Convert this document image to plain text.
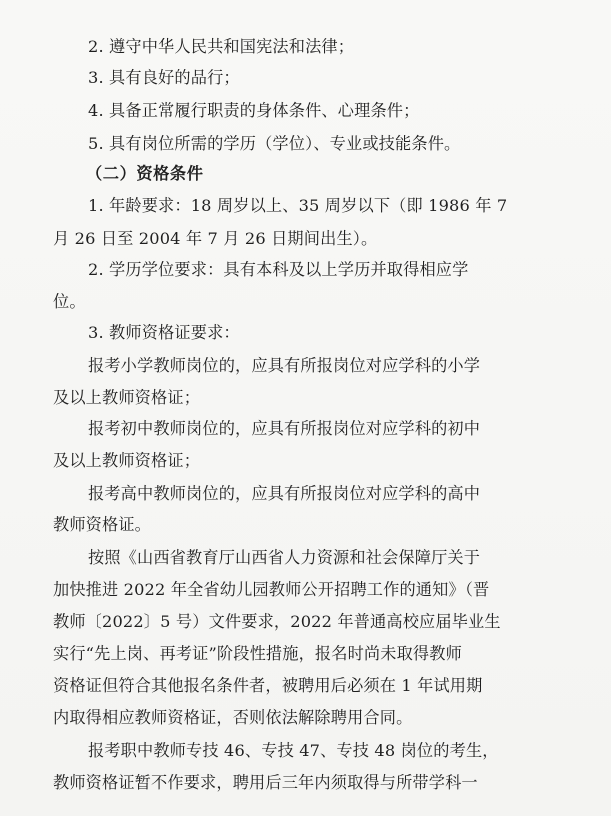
2. 遵守中华人民共和国宪法和法律；
3. 具有良好的品行；
4. 具备正常履行职责的身体条件、心理条件；
5. 具有岗位所需的学历（学位）、专业或技能条件。
（二）资格条件
1. 年龄要求：18 周岁以上、35 周岁以下（即 1986 年 7
月 26 日至 2004 年 7 月 26 日期间出生）。
2. 学历学位要求：具有本科及以上学历并取得相应学
位。
3. 教师资格证要求：
报考小学教师岗位的，应具有所报岗位对应学科的小学
及以上教师资格证；
报考初中教师岗位的，应具有所报岗位对应学科的初中
及以上教师资格证；
报考高中教师岗位的，应具有所报岗位对应学科的高中
教师资格证。
按照《山西省教育厅山西省人力资源和社会保障厅关于
加快推进 2022 年全省幼儿园教师公开招聘工作的通知》（晋
教师〔2022〕5 号）文件要求，2022 年普通高校应届毕业生
实行“先上岗、再考证”阶段性措施，报名时尚未取得教师
资格证但符合其他报名条件者，被聘用后必须在 1 年试用期
内取得相应教师资格证，否则依法解除聘用合同。
报考职中教师专技 46、专技 47、专技 48 岗位的考生，
教师资格证暂不作要求，聘用后三年内须取得与所带学科一
